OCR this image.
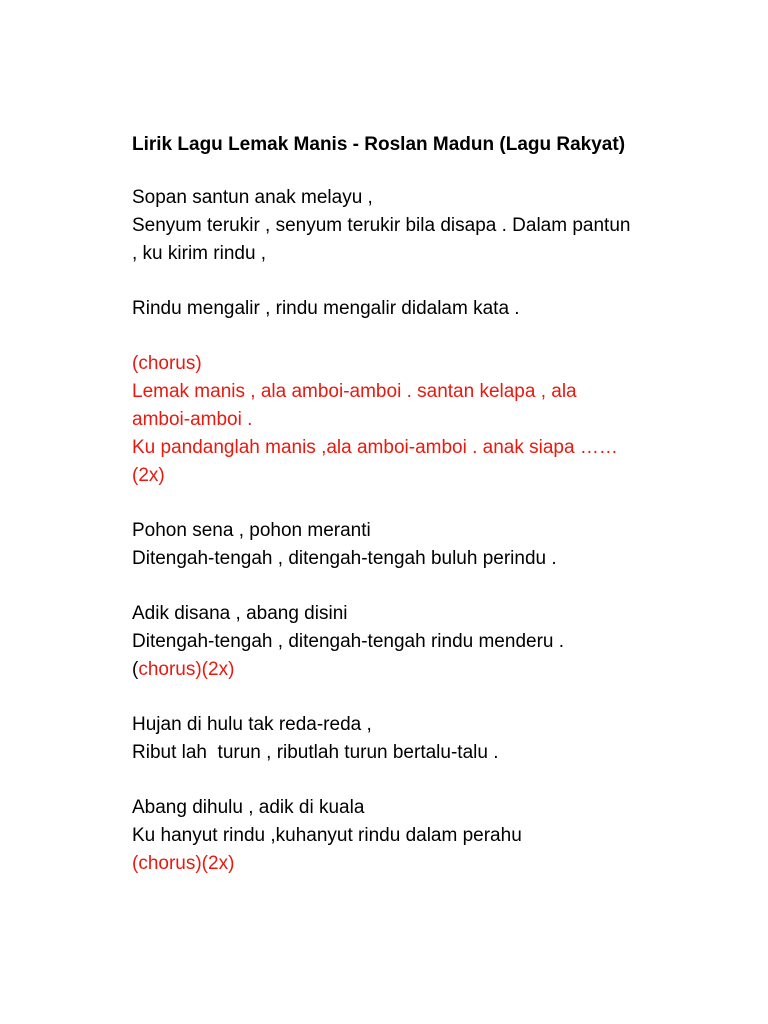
Lirik Lagu Lemak Manis - Roslan Madun (Lagu Rakyat)
Sopan santun anak melayu ,
Senyum terukir , senyum terukir bila disapa . Dalam pantun , ku kirim rindu ,
Rindu mengalir , rindu mengalir didalam kata .
(chorus)
Lemak manis , ala amboi-amboi . santan kelapa , ala amboi-amboi .
Ku pandanglah manis ,ala amboi-amboi . anak siapa ……(2x)
Pohon sena , pohon meranti
Ditengah-tengah , ditengah-tengah buluh perindu .
Adik disana , abang disini
Ditengah-tengah , ditengah-tengah rindu menderu .
(chorus)(2x)
Hujan di hulu tak reda-reda ,
Ribut lah  turun , ributlah turun bertalu-talu .
Abang dihulu , adik di kuala
Ku hanyut rindu ,kuhanyut rindu dalam perahu
(chorus)(2x)
